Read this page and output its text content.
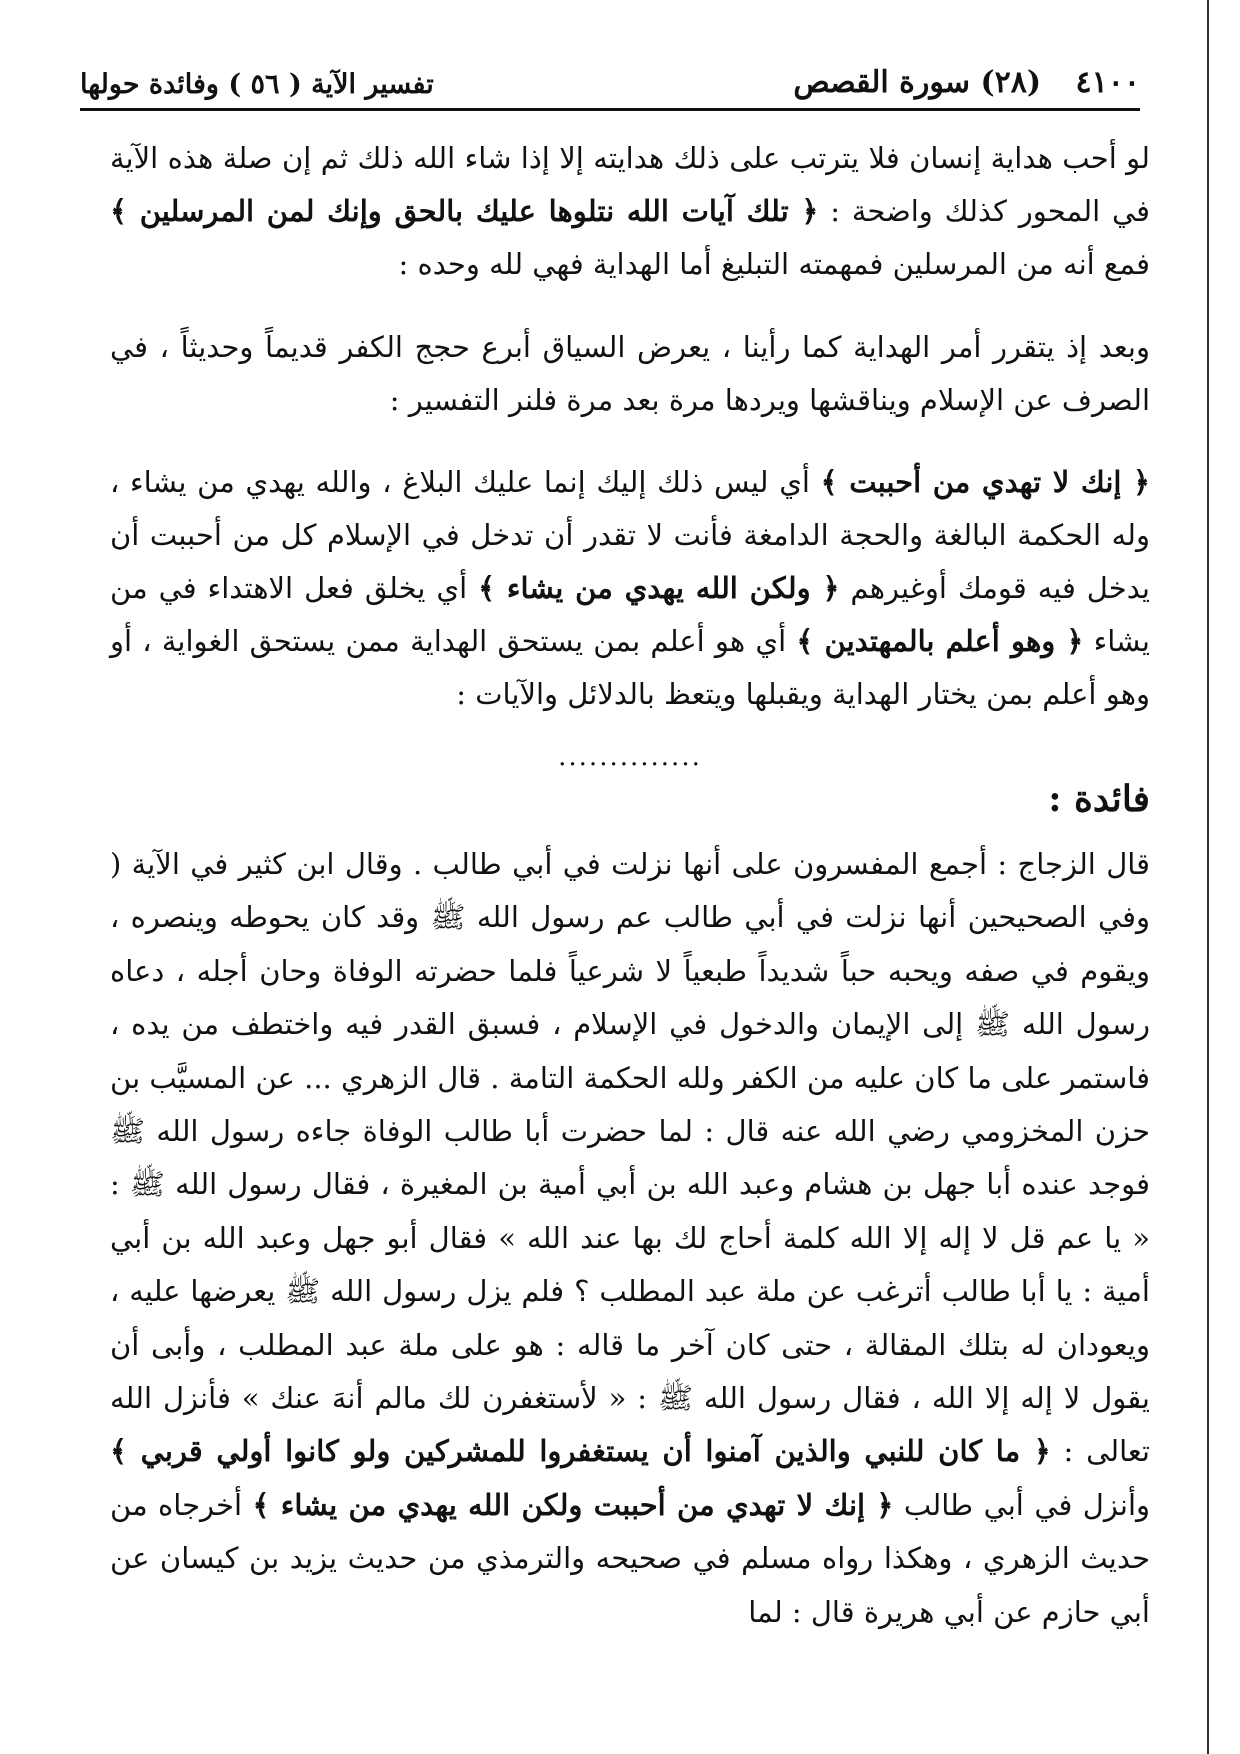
٤١٠٠ (٢٨) سورة القصص
تفسير الآية ( ٥٦ ) وفائدة حولها
لو أحب هداية إنسان فلا يترتب على ذلك هدايته إلا إذا شاء الله ذلك ثم إن صلة هذه الآية في المحور كذلك واضحة : ﴿ تلك آيات الله نتلوها عليك بالحق وإنك لمن المرسلين ﴾ فمع أنه من المرسلين فمهمته التبليغ أما الهداية فهي لله وحده :
وبعد إذ يتقرر أمر الهداية كما رأينا ، يعرض السياق أبرع حجج الكفر قديماً وحديثاً ، في الصرف عن الإسلام ويناقشها ويردها مرة بعد مرة فلنر التفسير :
﴿ إنك لا تهدي من أحببت ﴾ أي ليس ذلك إليك إنما عليك البلاغ ، والله يهدي من يشاء ، وله الحكمة البالغة والحجة الدامغة فأنت لا تقدر أن تدخل في الإسلام كل من أحببت أن يدخل فيه قومك أوغيرهم ﴿ ولكن الله يهدي من يشاء ﴾ أي يخلق فعل الاهتداء في من يشاء ﴿ وهو أعلم بالمهتدين ﴾ أي هو أعلم بمن يستحق الهداية ممن يستحق الغواية ، أو وهو أعلم بمن يختار الهداية ويقبلها ويتعظ بالدلائل والآيات :
..............
فائدة :
قال الزجاج : أجمع المفسرون على أنها نزلت في أبي طالب . وقال ابن كثير في الآية ( وفي الصحيحين أنها نزلت في أبي طالب عم رسول الله ﷺ وقد كان يحوطه وينصره ، ويقوم في صفه ويحبه حباً شديداً طبعياً لا شرعياً فلما حضرته الوفاة وحان أجله ، دعاه رسول الله ﷺ إلى الإيمان والدخول في الإسلام ، فسبق القدر فيه واختطف من يده ، فاستمر على ما كان عليه من الكفر ولله الحكمة التامة . قال الزهري ... عن المسيَّب بن حزن المخزومي رضي الله عنه قال : لما حضرت أبا طالب الوفاة جاءه رسول الله ﷺ فوجد عنده أبا جهل بن هشام وعبد الله بن أبي أمية بن المغيرة ، فقال رسول الله ﷺ : « يا عم قل لا إله إلا الله كلمة أحاج لك بها عند الله » فقال أبو جهل وعبد الله بن أبي أمية : يا أبا طالب أترغب عن ملة عبد المطلب ؟ فلم يزل رسول الله ﷺ يعرضها عليه ، ويعودان له بتلك المقالة ، حتى كان آخر ما قاله : هو على ملة عبد المطلب ، وأبى أن يقول لا إله إلا الله ، فقال رسول الله ﷺ : « لأستغفرن لك مالم أنهَ عنك » فأنزل الله تعالى : ﴿ ما كان للنبي والذين آمنوا أن يستغفروا للمشركين ولو كانوا أولي قربي ﴾ وأنزل في أبي طالب ﴿ إنك لا تهدي من أحببت ولكن الله يهدي من يشاء ﴾ أخرجاه من حديث الزهري ، وهكذا رواه مسلم في صحيحه والترمذي من حديث يزيد بن كيسان عن أبي حازم عن أبي هريرة قال : لما
